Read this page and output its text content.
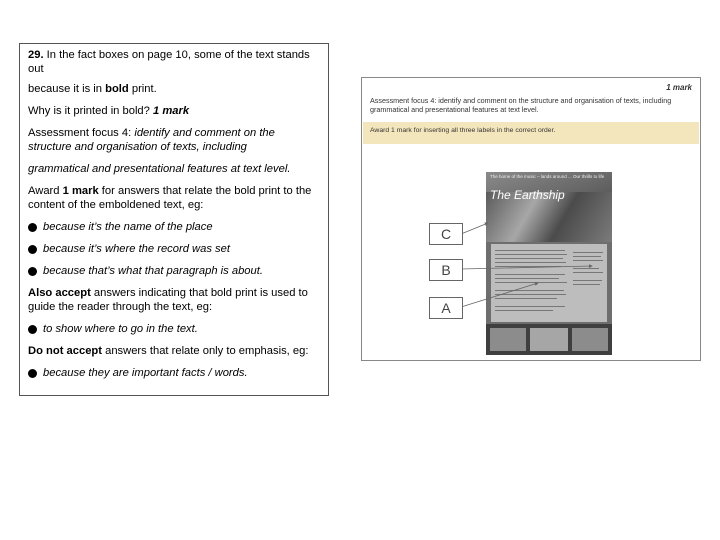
29. In the fact boxes on page 10, some of the text stands out

because it is in bold print.

Why is it printed in bold? 1 mark

Assessment focus 4: identify and comment on the structure and organisation of texts, including

grammatical and presentational features at text level.

Award 1 mark for answers that relate the bold print to the content of the emboldened text, eg:

because it’s the name of the place

because it’s where the record was set

because that’s what that paragraph is about.

Also accept answers indicating that bold print is used to guide the reader through the text, eg:

to show where to go in the text.

Do not accept answers that relate only to emphasis, eg:

because they are important facts / words.

1 mark
Assessment focus 4: identify and comment on the structure and organisation of texts, including grammatical and presentational features at text level.
Award 1 mark for inserting all three labels in the correct order.
The home of the music – lands around ... Our thrills to life
The Earthship
C
B
A
